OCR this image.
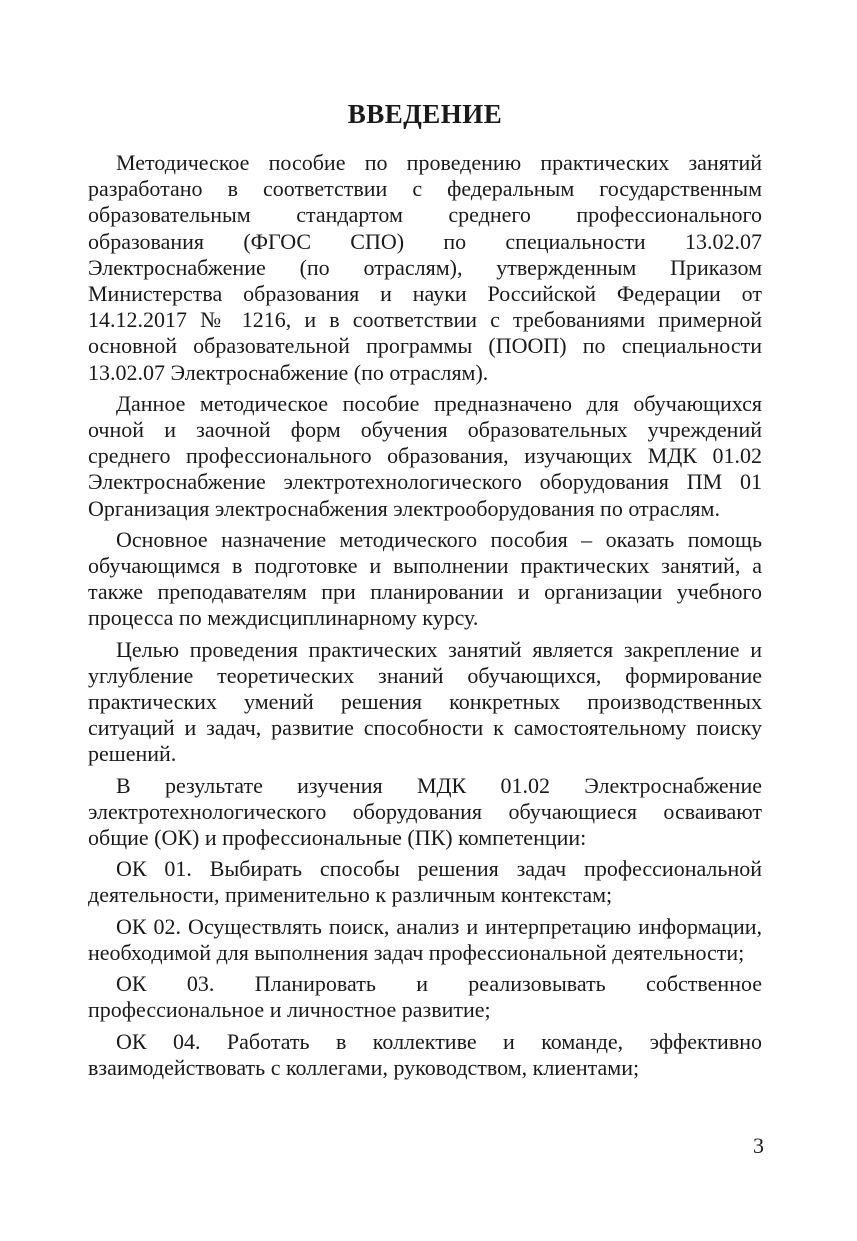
ВВЕДЕНИЕ

Методическое пособие по проведению практических занятий разработано в соответствии с федеральным государственным образовательным стандартом среднего профессионального образования (ФГОС СПО) по специальности 13.02.07 Электроснабжение (по отраслям), утвержденным Приказом Министерства образования и науки Российской Федерации от 14.12.2017 № 1216, и в соответствии с требованиями примерной основной образовательной программы (ПООП) по специальности 13.02.07 Электроснабжение (по отраслям).

Данное методическое пособие предназначено для обучающихся очной и заочной форм обучения образовательных учреждений среднего профессионального образования, изучающих МДК 01.02 Электроснабжение электротехнологического оборудования ПМ 01 Организация электроснабжения электрооборудования по отраслям.

Основное назначение методического пособия – оказать помощь обучающимся в подготовке и выполнении практических занятий, а также преподавателям при планировании и организации учебного процесса по междисциплинарному курсу.

Целью проведения практических занятий является закрепление и углубление теоретических знаний обучающихся, формирование практических умений решения конкретных производственных ситуаций и задач, развитие способности к самостоятельному поиску решений.

В результате изучения МДК 01.02 Электроснабжение электротехнологического оборудования обучающиеся осваивают общие (ОК) и профессиональные (ПК) компетенции:

ОК 01. Выбирать способы решения задач профессиональной деятельности, применительно к различным контекстам;

ОК 02. Осуществлять поиск, анализ и интерпретацию информации, необходимой для выполнения задач профессиональной деятельности;

ОК 03. Планировать и реализовывать собственное профессиональное и личностное развитие;

ОК 04. Работать в коллективе и команде, эффективно взаимодействовать с коллегами, руководством, клиентами;

3
